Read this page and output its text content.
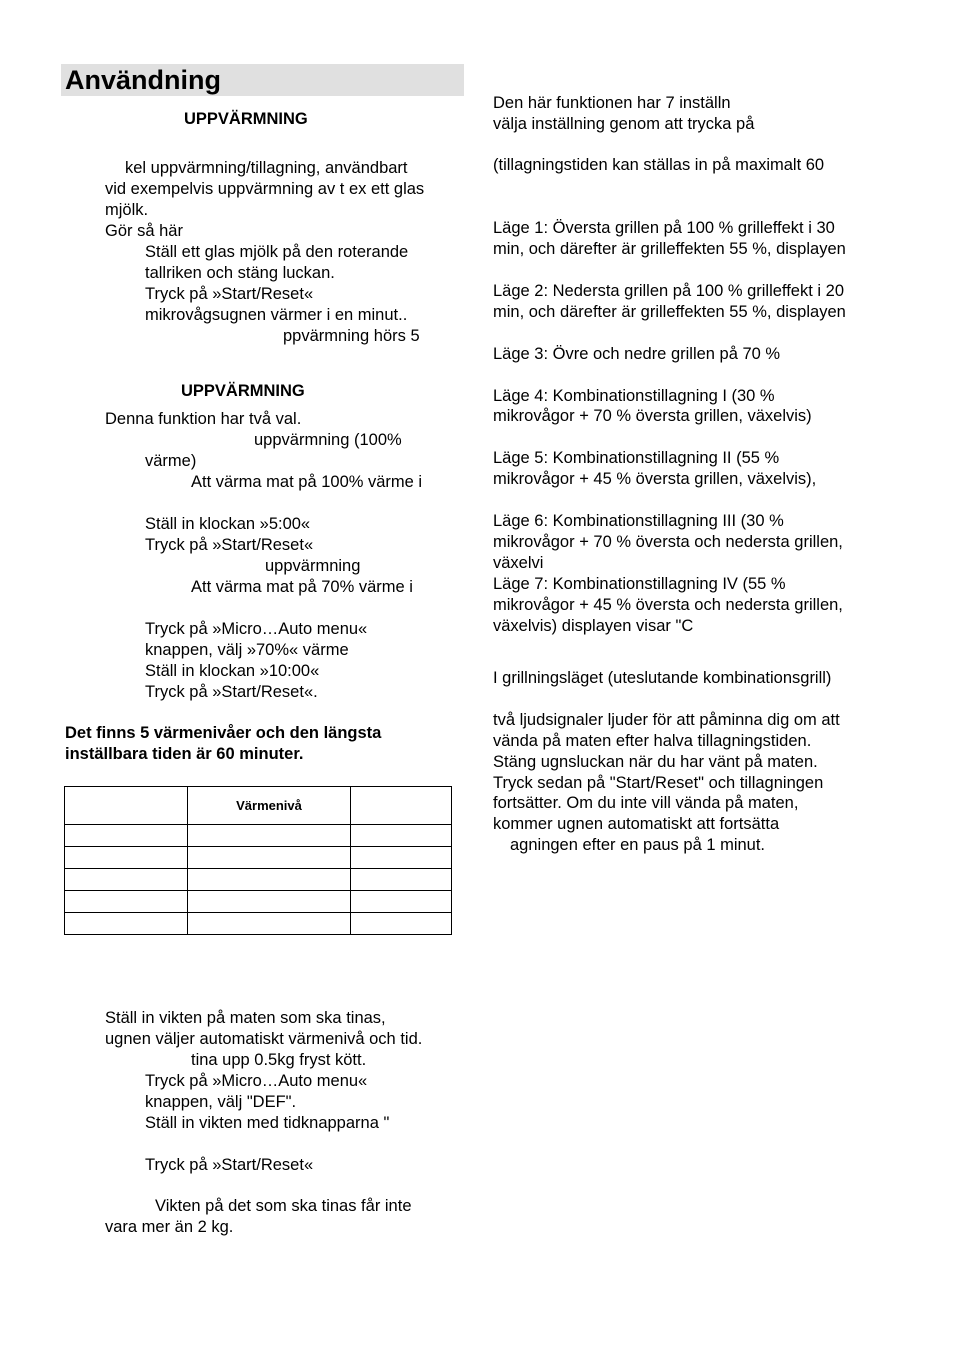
Användning
UPPVÄRMNING
kel uppvärmning/tillagning, användbart
vid exempelvis uppvärmning av t ex ett glas
mjölk.
Gör så här
Ställ ett glas mjölk på den roterande
tallriken och stäng luckan.
Tryck på »Start/Reset«
mikrovågsugnen värmer i en minut..
ppvärmning hörs 5
UPPVÄRMNING
Denna funktion har två val.
uppvärmning (100%
värme)
Att värma mat på 100% värme i
Ställ in klockan »5:00«
Tryck på »Start/Reset«
uppvärmning
Att värma mat på 70% värme i
Tryck på »Micro…Auto menu«
knappen, välj »70%« värme
Ställ in klockan »10:00«
Tryck på »Start/Reset«.
Det finns 5 värmenivåer och den längsta
inställbara tiden är 60 minuter.
	Värmenivå	

Ställ in vikten på maten som ska tinas,
ugnen väljer automatiskt värmenivå och tid.
tina upp 0.5kg fryst kött.
Tryck på »Micro…Auto menu«
knappen, välj "DEF".
Ställ in vikten med tidknapparna "
Tryck på »Start/Reset«
Vikten på det som ska tinas får inte
vara mer än 2 kg.
Den här funktionen har 7 inställn
välja inställning genom att trycka på
(tillagningstiden kan ställas in på maximalt 60
Läge 1: Översta grillen på 100 % grilleffekt i 30
min, och därefter är grilleffekten 55 %, displayen
Läge 2: Nedersta grillen på 100 % grilleffekt i 20
min, och därefter är grilleffekten 55 %, displayen
Läge 3: Övre och nedre grillen på 70 %
Läge 4: Kombinationstillagning I (30 %
mikrovågor + 70 % översta grillen, växelvis)
Läge 5: Kombinationstillagning II (55 %
mikrovågor + 45 % översta grillen, växelvis),
Läge 6: Kombinationstillagning III (30 %
mikrovågor + 70 % översta och nedersta grillen,
växelvi
Läge 7: Kombinationstillagning IV (55 %
mikrovågor + 45 % översta och nedersta grillen,
växelvis) displayen visar "C
I grillningsläget (uteslutande kombinationsgrill)
två ljudsignaler ljuder för att påminna dig om att
vända på maten efter halva tillagningstiden.
Stäng ugnsluckan när du har vänt på maten.
Tryck sedan på "Start/Reset" och tillagningen
fortsätter. Om du inte vill vända på maten,
kommer ugnen automatiskt att fortsätta
agningen efter en paus på 1 minut.
